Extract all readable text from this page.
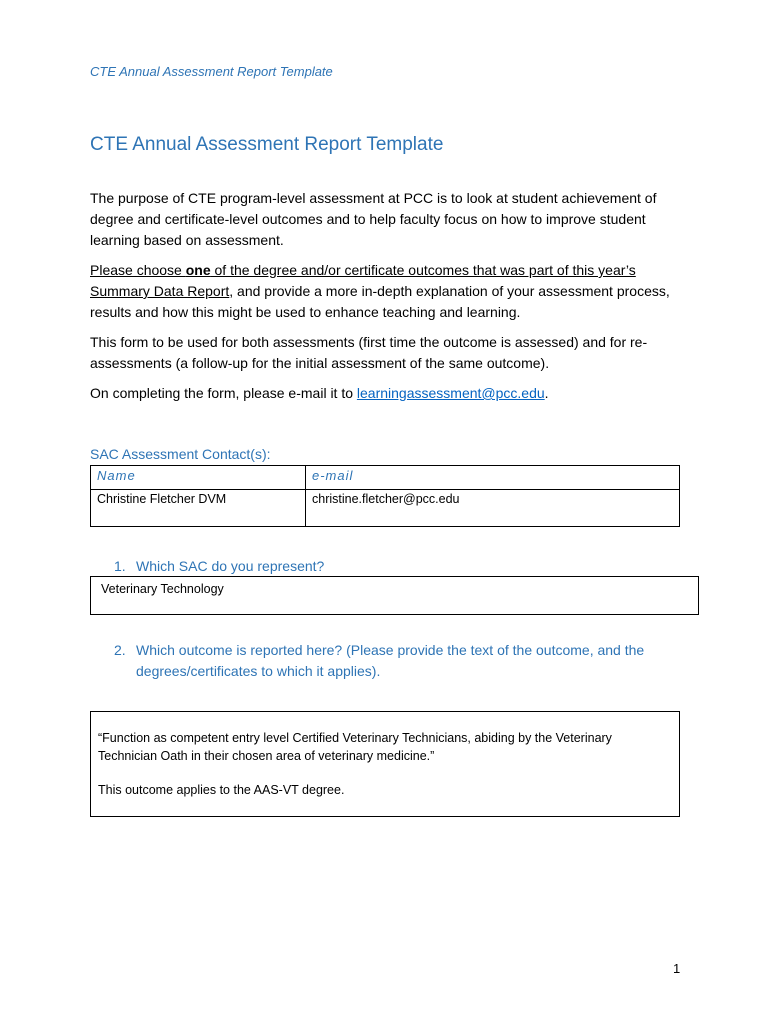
CTE Annual Assessment Report Template
CTE Annual Assessment Report Template

The purpose of CTE program-level assessment at PCC is to look at student achievement of degree and certificate-level outcomes and to help faculty focus on how to improve student learning based on assessment.

Please choose one of the degree and/or certificate outcomes that was part of this year’s Summary Data Report, and provide a more in-depth explanation of your assessment process, results and how this might be used to enhance teaching and learning.

This form to be used for both assessments (first time the outcome is assessed) and for re-assessments (a follow-up for the initial assessment of the same outcome).

On completing the form, please e-mail it to learningassessment@pcc.edu.

SAC Assessment Contact(s):
Name	e-mail
Christine Fletcher DVM	christine.fletcher@pcc.edu
1. Which SAC do you represent?
Veterinary Technology
2. Which outcome is reported here? (Please provide the text of the outcome, and the degrees/certificates to which it applies).
“Function as competent entry level Certified Veterinary Technicians, abiding by the Veterinary Technician Oath in their chosen area of veterinary medicine.”
This outcome applies to the AAS-VT degree.
1
